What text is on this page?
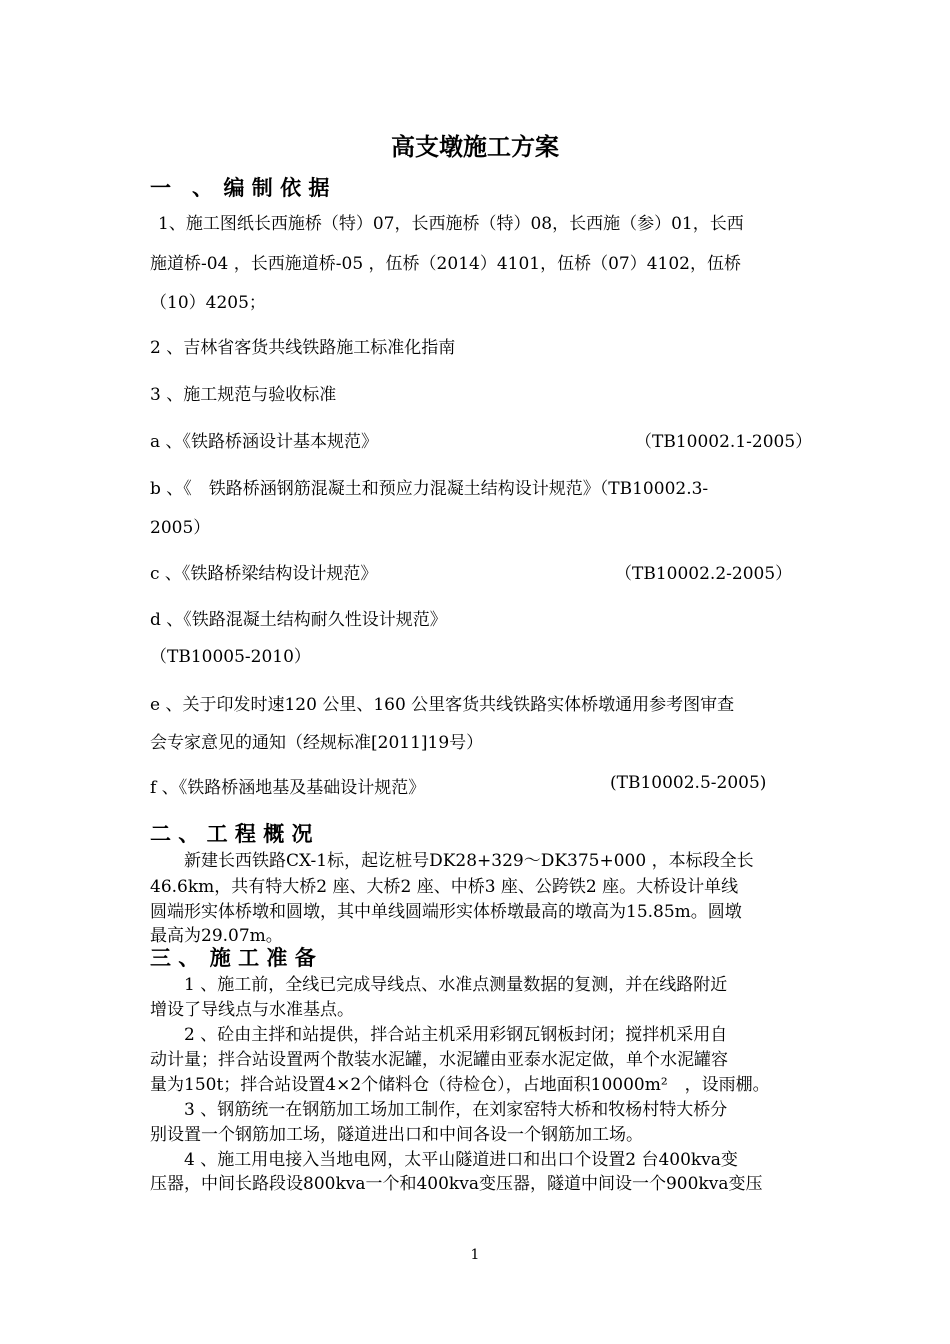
高支墩施工方案
一　、　编 制 依 据
1、施工图纸长西施桥（特）07，长西施桥（特）08，长西施（参）01，长西
施道桥-04 ，长西施道桥-05 ，伍桥（2014）4101，伍桥（07）4102，伍桥
（10）4205；
2 、吉林省客货共线铁路施工标准化指南
3 、施工规范与验收标准
a 、《铁路桥涵设计基本规范》	（TB10002.1-2005）
b 、《　铁路桥涵钢筋混凝土和预应力混凝土结构设计规范》（TB10002.3-
2005）
c 、《铁路桥梁结构设计规范》	（TB10002.2-2005）
d 、《铁路混凝土结构耐久性设计规范》
（TB10005-2010）
e 、关于印发时速120 公里、160 公里客货共线铁路实体桥墩通用参考图审查
会专家意见的通知（经规标准[2011]19号）
f 、《铁路桥涵地基及基础设计规范》	(TB10002.5-2005)
二 、 工 程 概 况
　　新建长西铁路CX-1标，起讫桩号DK28+329～DK375+000 ，本标段全长
46.6km，共有特大桥2 座、大桥2 座、中桥3 座、公跨铁2 座。大桥设计单线
圆端形实体桥墩和圆墩，其中单线圆端形实体桥墩最高的墩高为15.85m。圆墩
最高为29.07m。
三 、　施 工 准 备
　　1 、施工前，全线已完成导线点、水准点测量数据的复测，并在线路附近
增设了导线点与水准基点。
　　2 、砼由主拌和站提供，拌合站主机采用彩钢瓦钢板封闭；搅拌机采用自
动计量；拌合站设置两个散装水泥罐，水泥罐由亚泰水泥定做，单个水泥罐容
量为150t；拌合站设置4×2个储料仓（待检仓），占地面积10000m²　，设雨棚。
　　3 、钢筋统一在钢筋加工场加工制作，在刘家窑特大桥和牧杨村特大桥分
别设置一个钢筋加工场，隧道进出口和中间各设一个钢筋加工场。
　　4 、施工用电接入当地电网，太平山隧道进口和出口个设置2 台400kva变
压器，中间长路段设800kva一个和400kva变压器，隧道中间设一个900kva变压
1
